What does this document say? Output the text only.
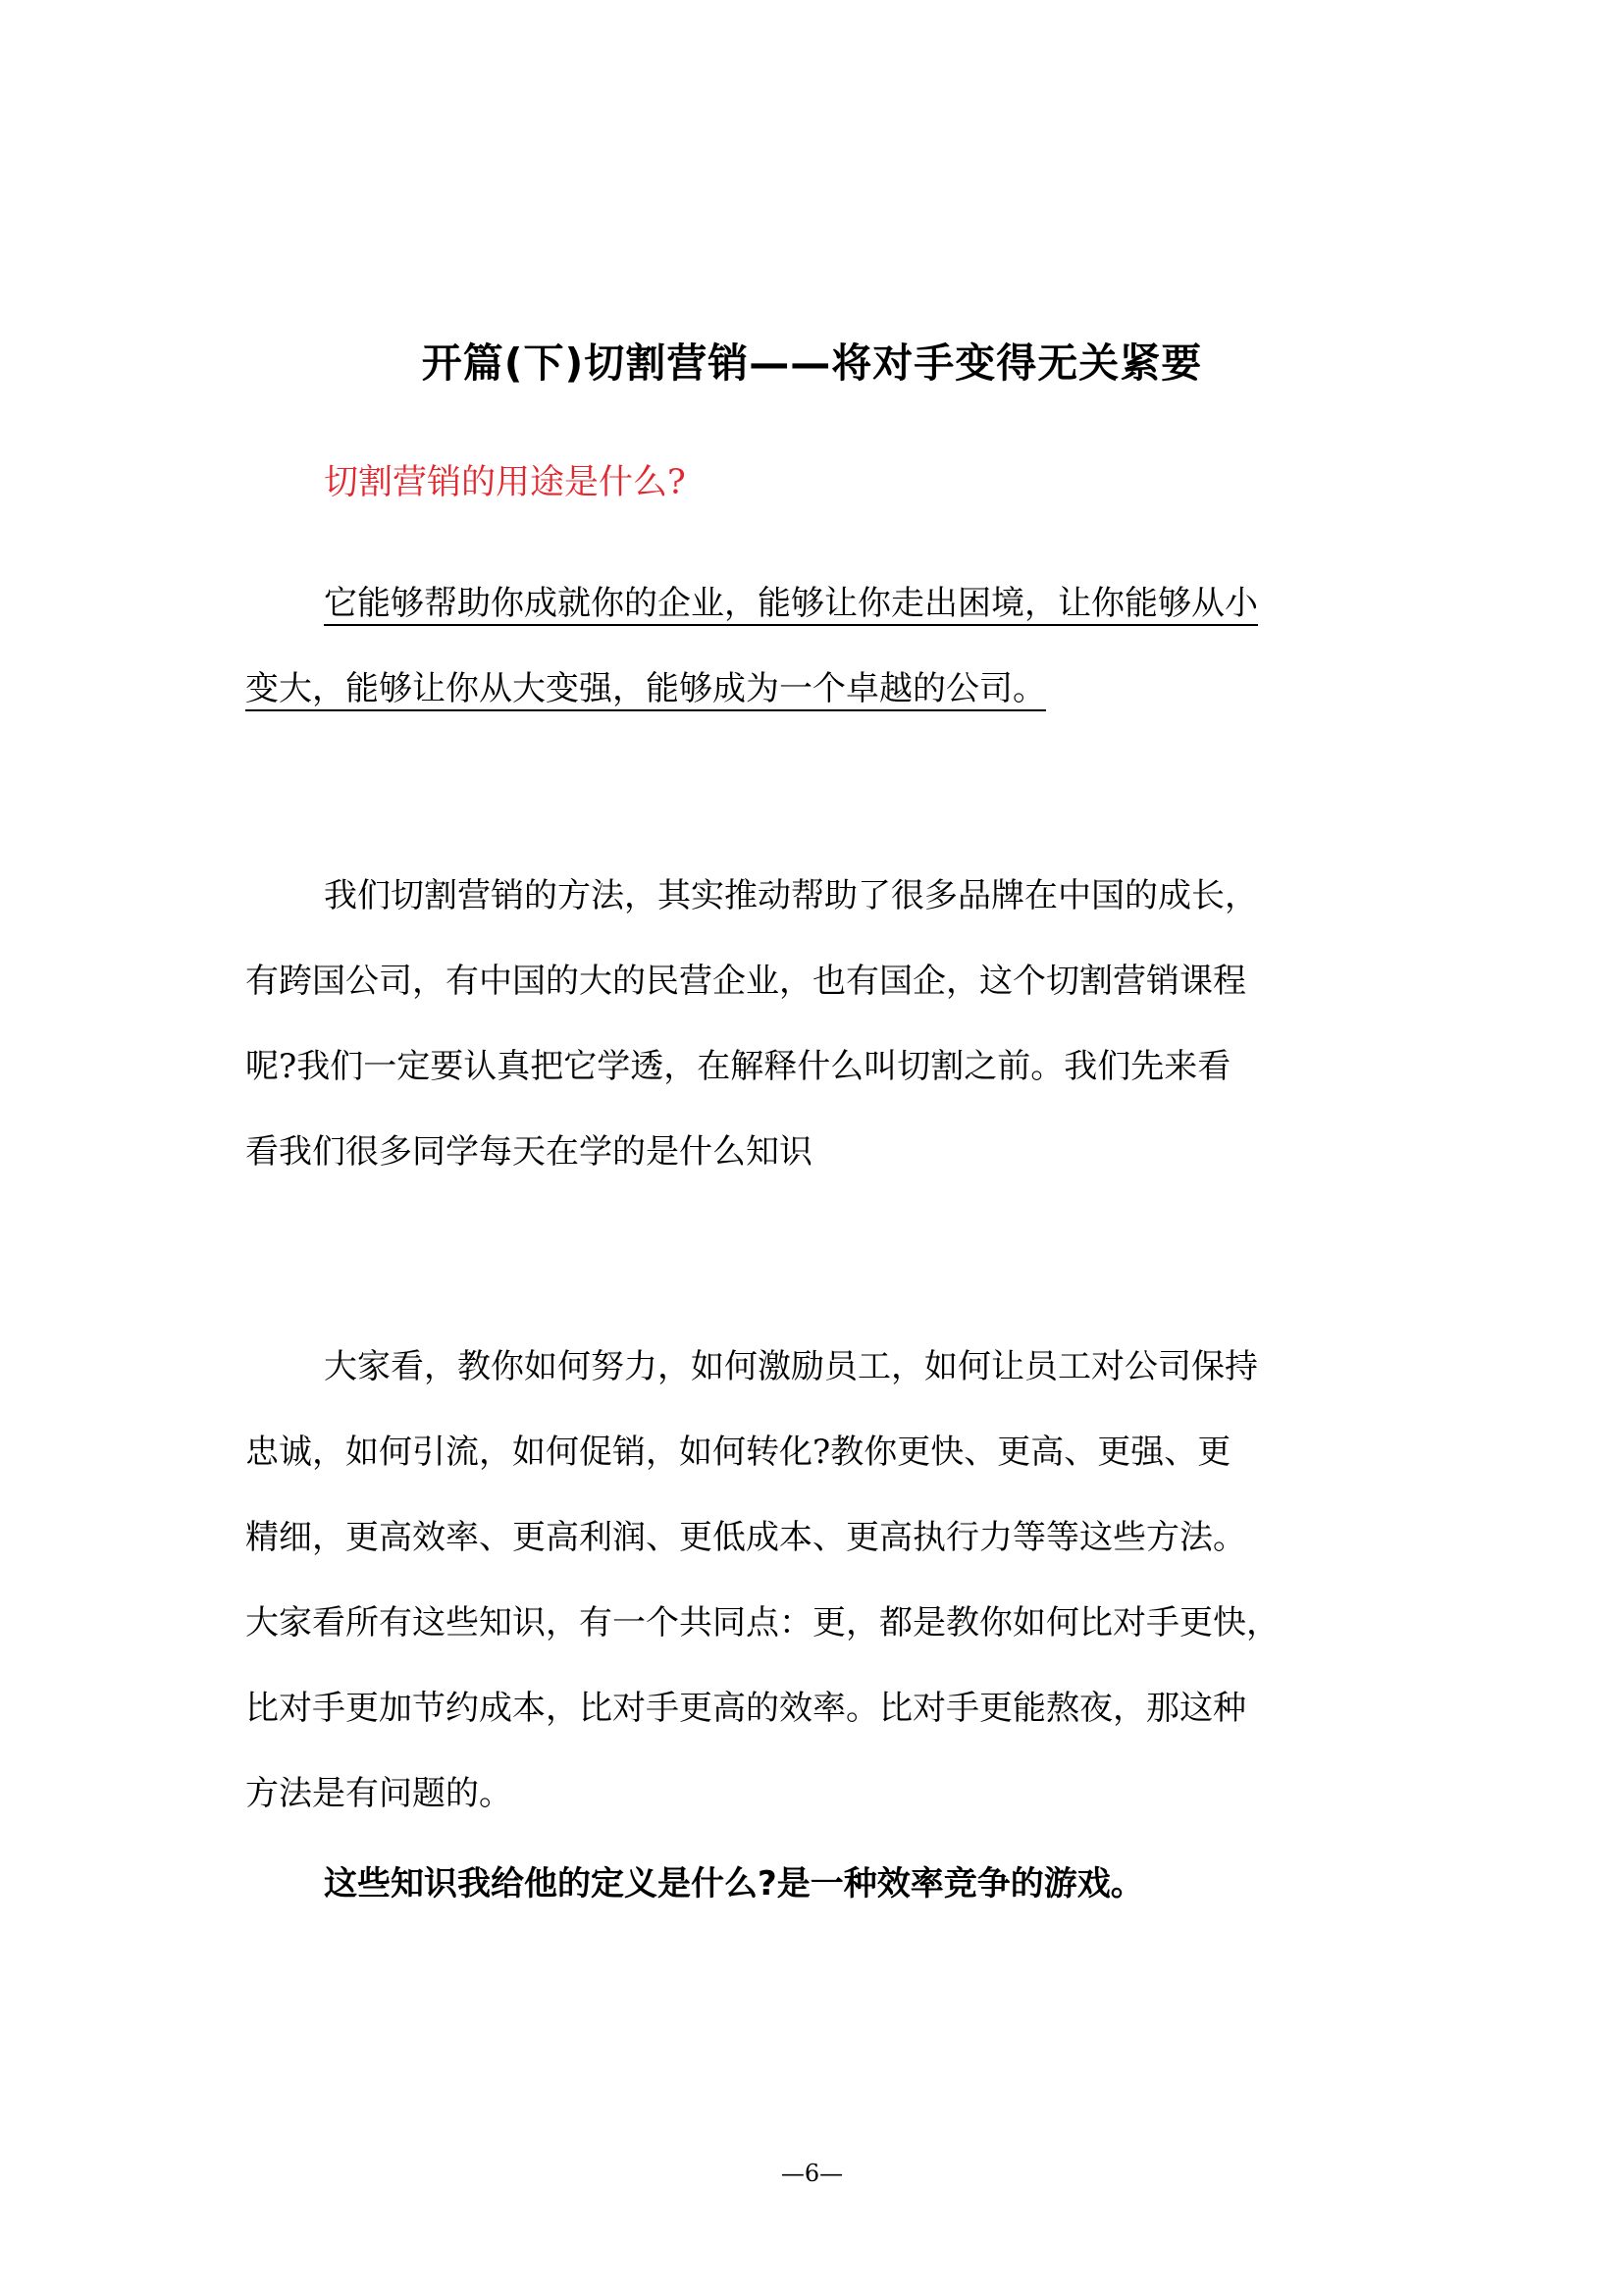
开篇(下)切割营销——将对手变得无关紧要
切割营销的用途是什么?
它能够帮助你成就你的企业，能够让你走出困境，让你能够从小
变大，能够让你从大变强，能够成为一个卓越的公司。
我们切割营销的方法，其实推动帮助了很多品牌在中国的成长，
有跨国公司，有中国的大的民营企业，也有国企，这个切割营销课程
呢?我们一定要认真把它学透，在解释什么叫切割之前。我们先来看
看我们很多同学每天在学的是什么知识
大家看，教你如何努力，如何激励员工，如何让员工对公司保持
忠诚，如何引流，如何促销，如何转化?教你更快、更高、更强、更
精细，更高效率、更高利润、更低成本、更高执行力等等这些方法。
大家看所有这些知识，有一个共同点：更，都是教你如何比对手更快，
比对手更加节约成本，比对手更高的效率。比对手更能熬夜，那这种
方法是有问题的。
这些知识我给他的定义是什么?是一种效率竞争的游戏。
—6—
